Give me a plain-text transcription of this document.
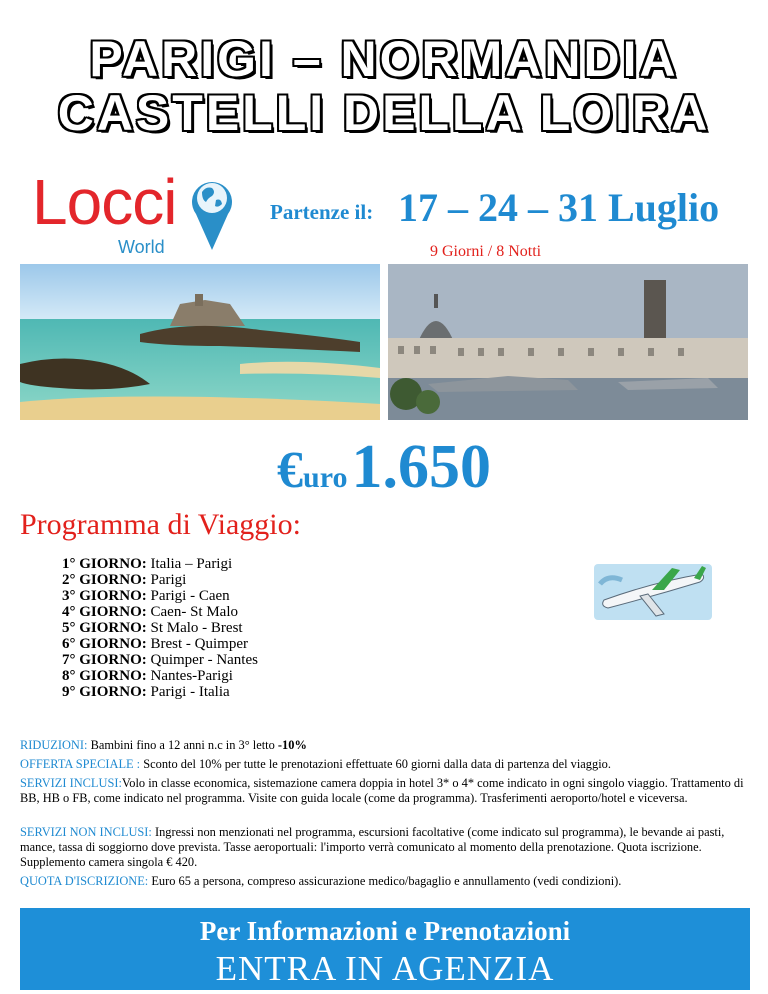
PARIGI – NORMANDIA
CASTELLI DELLA LOIRA
Locci
World
Partenze il: 17 – 24 – 31 Luglio
9 Giorni / 8 Notti
€uro 1.650
Programma di Viaggio:
1° GIORNO: Italia – Parigi
2° GIORNO: Parigi
3° GIORNO: Parigi - Caen
4° GIORNO: Caen- St Malo
5° GIORNO: St Malo - Brest
6° GIORNO: Brest - Quimper
7° GIORNO: Quimper - Nantes
8° GIORNO: Nantes-Parigi
9° GIORNO: Parigi - Italia
RIDUZIONI: Bambini fino a 12 anni n.c in 3° letto -10%
OFFERTA SPECIALE : Sconto del 10% per tutte le prenotazioni effettuate 60 giorni dalla data di partenza del viaggio.
SERVIZI INCLUSI:Volo in classe economica, sistemazione camera doppia in hotel 3* o 4* come indicato in ogni singolo viaggio. Trattamento di BB, HB o FB, come indicato nel programma. Visite con guida locale (come da programma). Trasferimenti aeroporto/hotel e viceversa.
SERVIZI NON INCLUSI: Ingressi non menzionati nel programma, escursioni facoltative (come indicato sul programma), le bevande ai pasti, mance, tassa di soggiorno dove prevista. Tasse aeroportuali: l'importo verrà comunicato al momento della prenotazione. Quota iscrizione. Supplemento camera singola € 420.
QUOTA D'ISCRIZIONE: Euro 65 a persona, compreso assicurazione medico/bagaglio e annullamento (vedi condizioni).
Per Informazioni e Prenotazioni
ENTRA IN AGENZIA
